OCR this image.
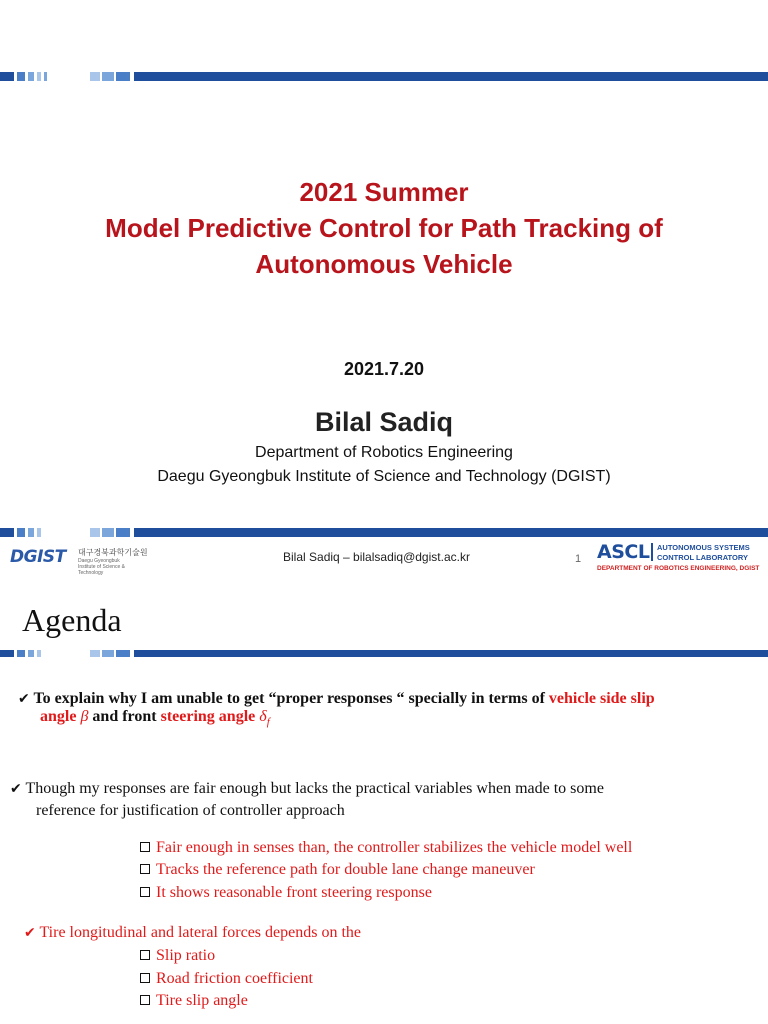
2021 Summer
Model Predictive Control for Path Tracking of
Autonomous Vehicle
2021.7.20
Bilal Sadiq
Department of Robotics Engineering
Daegu Gyeongbuk Institute of Science and Technology (DGIST)
DGIST 대구경북과학기술원
Daegu Gyeongbuk
Institute of Science & Technology
Bilal Sadiq – bilalsadiq@dgist.ac.kr	1 ASCL AUTONOMOUS SYSTEMS
CONTROL LABORATORY
DEPARTMENT OF ROBOTICS ENGINEERING, DGIST
Agenda
✔ To explain why I am unable to get “proper responses “ specially in terms of vehicle side slip
angle β and front steering angle $\delta_f$
✔ Though my responses are fair enough but lacks the practical variables when made to some
reference for justification of controller approach
Fair enough in senses than, the controller stabilizes the vehicle model well
Tracks the reference path for double lane change maneuver
It shows reasonable front steering response
✔ Tire longitudinal and lateral forces depends on the
Slip ratio
Road friction coefficient
Tire slip angle
